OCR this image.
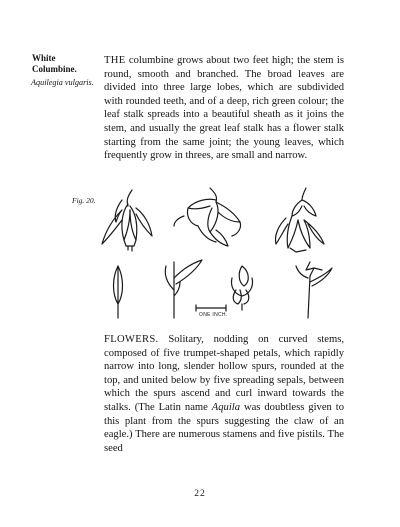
White
Columbine.
Aquilegia vulgaris.

THE columbine grows about two feet high; the stem is round, smooth and branched. The broad leaves are divided into three large lobes, which are subdivided with rounded teeth, and of a deep, rich green colour; the leaf stalk spreads into a beautiful sheath as it joins the stem, and usually the great leaf stalk has a flower stalk starting from the same joint; the young leaves, which frequently grow in threes, are small and narrow.

Fig. 20.
ONE INCH.

FLOWERS. Solitary, nodding on curved stems, composed of five trumpet-shaped petals, which rapidly narrow into long, slender hollow spurs, rounded at the top, and united below by five spreading sepals, between which the spurs ascend and curl inward towards the stalks. (The Latin name Aquila was doubtless given to this plant from the spurs suggesting the claw of an eagle.) There are numerous stamens and five pistils. The seed

22
